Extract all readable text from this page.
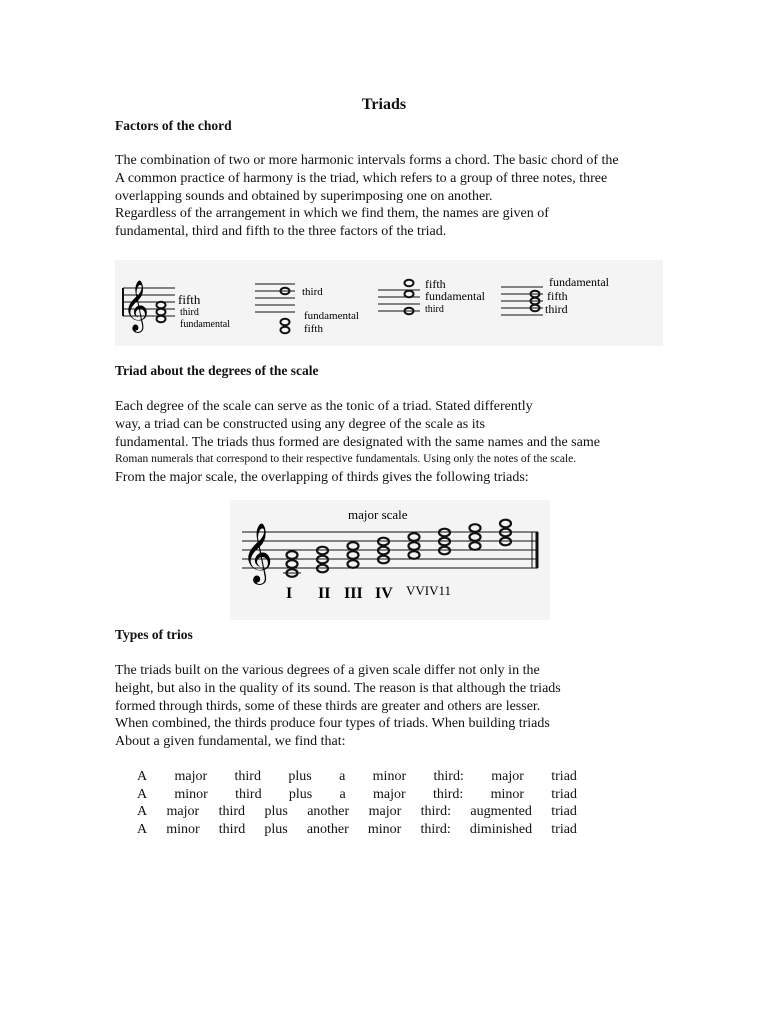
Triads
Factors of the chord
The combination of two or more harmonic intervals forms a chord. The basic chord of the
A common practice of harmony is the triad, which refers to a group of three notes, three
overlapping sounds and obtained by superimposing one on another.
Regardless of the arrangement in which we find them, the names are given of
fundamental, third and fifth to the three factors of the triad.
𝄞 fifth
third
fundamental
third
fundamental
fifth
fifth
fundamental
third
fundamental
fifth
third
Triad about the degrees of the scale
Each degree of the scale can serve as the tonic of a triad. Stated differently
way, a triad can be constructed using any degree of the scale as its
fundamental. The triads thus formed are designated with the same names and the same
Roman numerals that correspond to their respective fundamentals. Using only the notes of the scale.
From the major scale, the overlapping of thirds gives the following triads:
major scale
𝄞
I II III IV VVIV11
Types of trios
The triads built on the various degrees of a given scale differ not only in the
height, but also in the quality of its sound. The reason is that although the triads
formed through thirds, some of these thirds are greater and others are lesser.
When combined, the thirds produce four types of triads. When building triads
About a given fundamental, we find that:
A major third plus a minor third: major triad
A minor third plus a major third: minor triad
A major third plus another major third: augmented triad
A minor third plus another minor third: diminished triad
